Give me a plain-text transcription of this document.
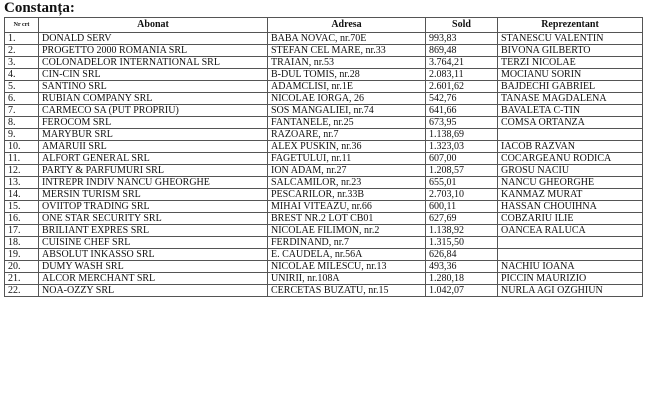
Constanța:
Nr crt	Abonat	Adresa	Sold	Reprezentant
1.	DONALD SERV	BABA NOVAC, nr.70E	993,83	STANESCU VALENTIN
2.	PROGETTO 2000 ROMANIA SRL	STEFAN CEL MARE, nr.33	869,48	BIVONA GILBERTO
3.	COLONADELOR INTERNATIONAL SRL	TRAIAN, nr.53	3.764,21	TERZI NICOLAE
4.	CIN-CIN SRL	B-DUL TOMIS, nr.28	2.083,11	MOCIANU SORIN
5.	SANTINO SRL	ADAMCLISI, nr.1E	2.601,62	BAJDECHI GABRIEL
6.	RUBIAN COMPANY SRL	NICOLAE IORGA, 26	542,76	TANASE MAGDALENA
7.	CARMECO SA (PUT PROPRIU)	SOS MANGALIEI, nr.74	641,66	BAVALETA C-TIN
8.	FEROCOM SRL	FANTANELE, nr.25	673,95	COMSA ORTANZA
9.	MARYBUR SRL	RAZOARE, nr.7	1.138,69	
10.	AMARUII SRL	ALEX PUSKIN, nr.36	1.323,03	IACOB RAZVAN
11.	ALFORT GENERAL SRL	FAGETULUI, nr.11	607,00	COCARGEANU RODICA
12.	PARTY & PARFUMURI SRL	ION ADAM, nr.27	1.208,57	GROSU NACIU
13.	INTREPR INDIV NANCU GHEORGHE	SALCAMILOR, nr.23	655,01	NANCU GHEORGHE
14.	MERSIN TURISM SRL	PESCARILOR, nr.33B	2.703,10	KANMAZ MURAT
15.	OVIITOP TRADING SRL	MIHAI VITEAZU, nr.66	600,11	HASSAN CHOUIHNA
16.	ONE STAR SECURITY SRL	BREST NR.2 LOT CB01	627,69	COBZARIU ILIE
17.	BRILIANT EXPRES SRL	NICOLAE FILIMON, nr.2	1.138,92	OANCEA RALUCA
18.	CUISINE CHEF SRL	FERDINAND, nr.7	1.315,50	
19.	ABSOLUT INKASSO SRL	E. CAUDELA, nr.56A	626,84	
20.	DUMY WASH SRL	NICOLAE MILESCU, nr.13	493,36	NACHIU IOANA
21.	ALCOR MERCHANT SRL	UNIRII, nr.108A	1.280,18	PICCIN MAURIZIO
22.	NOA-OZZY SRL	CERCETAS BUZATU, nr.15	1.042,07	NURLA AGI OZGHIUN
